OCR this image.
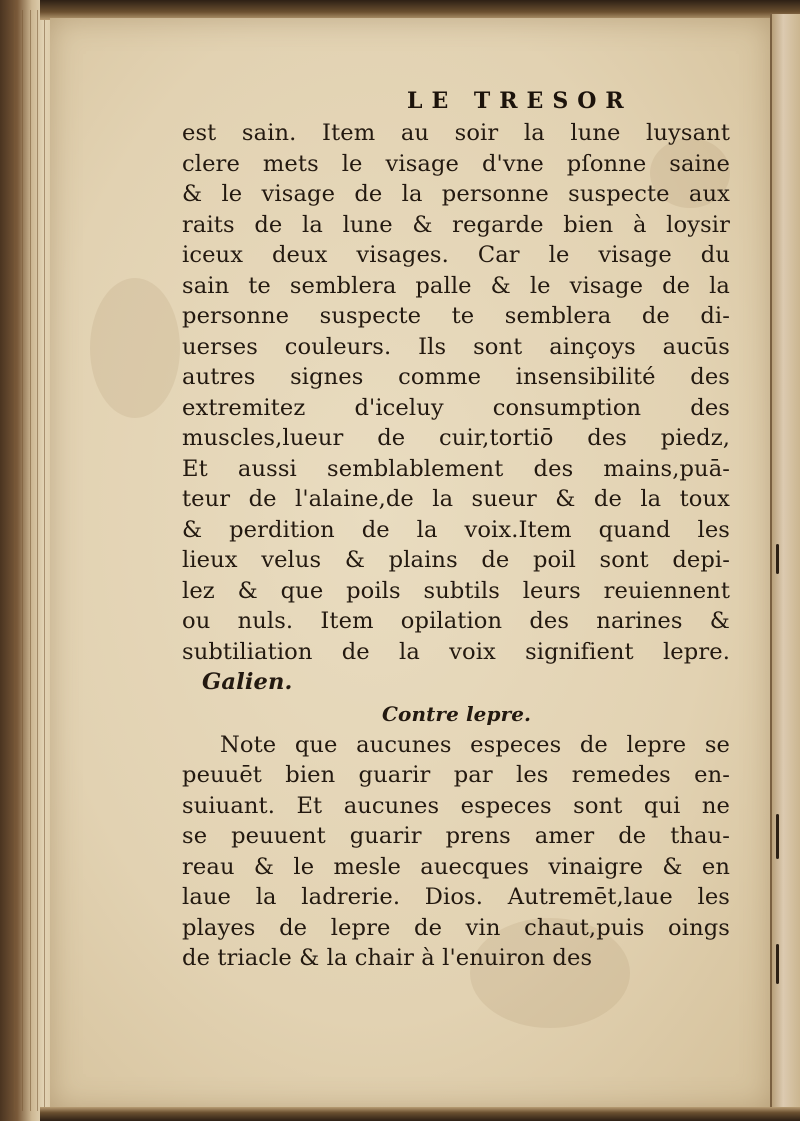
LE TRESOR
est sain. Item au soir la lune luysant
clere mets le visage d'vne pſonne saine
& le visage de la personne suspecte aux
raits de la lune & regarde bien à loysir
iceux deux visages. Car le visage du
sain te semblera palle & le visage de la
personne suspecte te semblera de di-
uerses couleurs. Ils sont ainçoys aucūs
autres signes comme insensibilité des
extremitez d'iceluy consumption des
muscles,lueur de cuir,tortiō des piedz,
Et aussi semblablement des mains,puā-
teur de l'alaine,de la sueur & de la toux
& perdition de la voix.Item quand les
lieux velus & plains de poil sont depi-
lez & que poils subtils leurs reuiennent
ou nuls. Item opilation des narines &
subtiliation de la voix signifient lepre.
Galien.
Contre lepre.
Note que aucunes especes de lepre se
peuuēt bien guarir par les remedes en-
suiuant. Et aucunes especes sont qui ne
se peuuent guarir prens amer de thau-
reau & le mesle auecques vinaigre & en
laue la ladrerie. Dios. Autremēt,laue les
playes de lepre de vin chaut,puis oings
de triacle & la chair à l'enuiron des
